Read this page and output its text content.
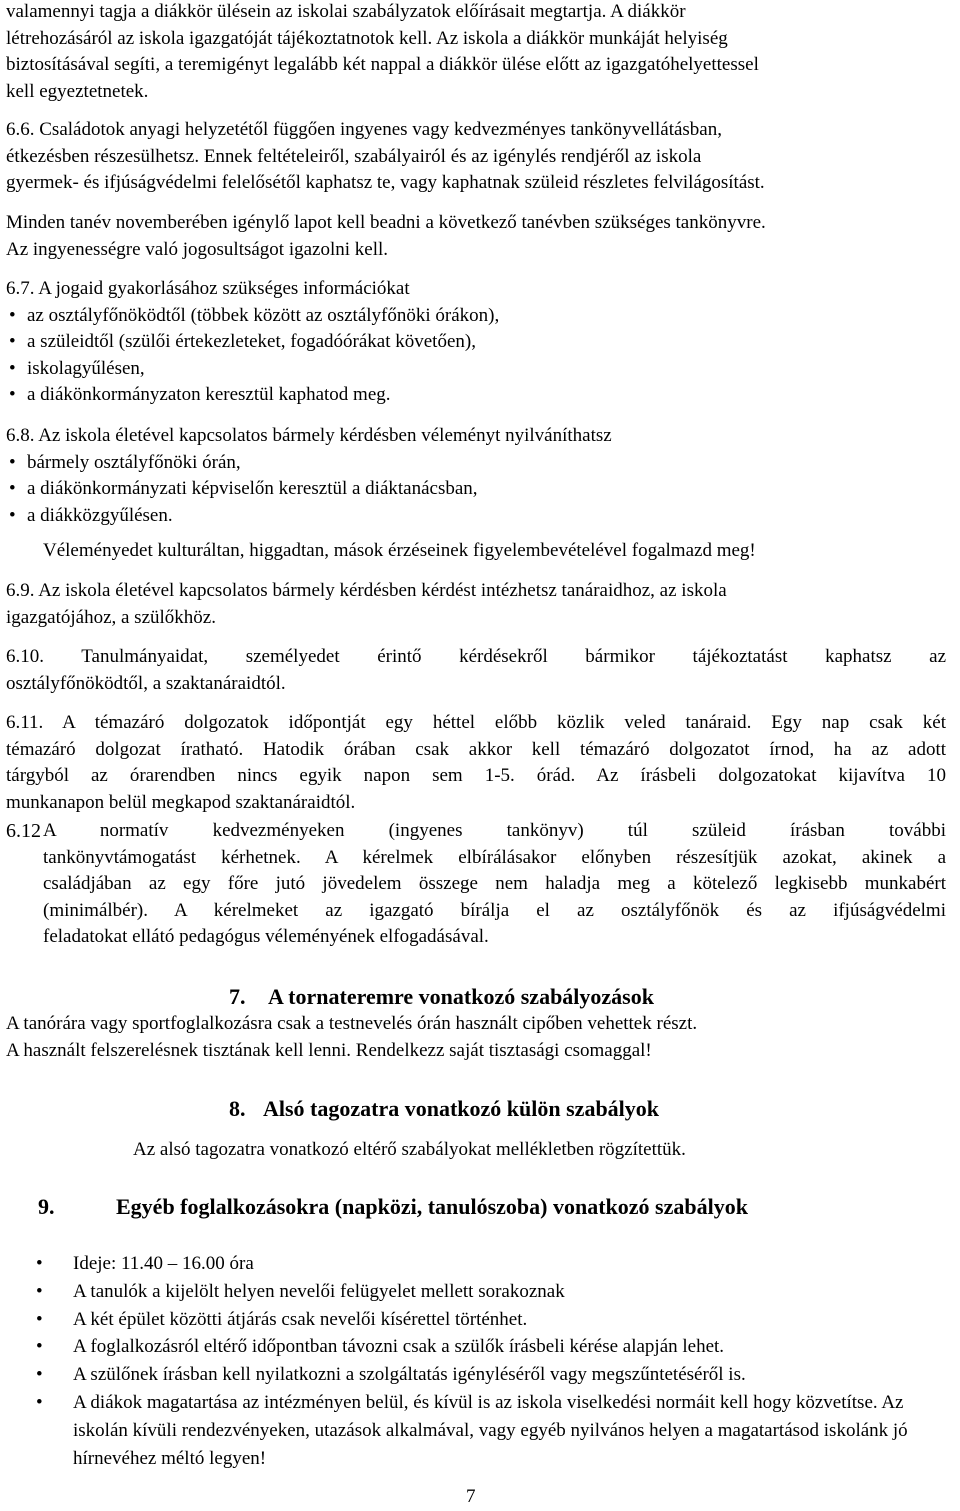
valamennyi tagja a diákkör ülésein az iskolai szabályzatok előírásait megtartja. A diákkör
létrehozásáról az iskola igazgatóját tájékoztatnotok kell. Az iskola a diákkör munkáját helyiség
biztosításával segíti, a teremigényt legalább két nappal a diákkör ülése előtt az igazgatóhelyettessel
kell egyeztetnetek.

6.6. Családotok anyagi helyzetétől függően ingyenes vagy kedvezményes tankönyvellátásban,
étkezésben részesülhetsz. Ennek feltételeiről, szabályairól és az igénylés rendjéről az iskola
gyermek- és ifjúságvédelmi felelősétől kaphatsz te, vagy kaphatnak szüleid részletes felvilágosítást.

Minden tanév novemberében igénylő lapot kell beadni a következő tanévben szükséges tankönyvre.
Az ingyenességre való jogosultságot igazolni kell.

6.7. A jogaid gyakorlásához szükséges információkat
• az osztályfőnöködtől (többek között az osztályfőnöki órákon),
• a szüleidtől (szülői értekezleteket, fogadóórákat követően),
• iskolagyűlésen,
• a diákönkormányzaton keresztül kaphatod meg.
6.8. Az iskola életével kapcsolatos bármely kérdésben véleményt nyilváníthatsz
• bármely osztályfőnöki órán,
• a diákönkormányzati képviselőn keresztül a diáktanácsban,
• a diákközgyűlésen.

Véleményedet kulturáltan, higgadtan, mások érzéseinek figyelembevételével fogalmazd meg!

6.9. Az iskola életével kapcsolatos bármely kérdésben kérdést intézhetsz tanáraidhoz, az iskola
igazgatójához, a szülőkhöz.

6.10. Tanulmányaidat, személyedet érintő kérdésekről bármikor tájékoztatást kaphatsz az
osztályfőnöködtől, a szaktanáraidtól.

6.11. A témazáró dolgozatok időpontját egy héttel előbb közlik veled tanáraid. Egy nap csak két
témazáró dolgozat íratható. Hatodik órában csak akkor kell témazáró dolgozatot írnod, ha az adott
tárgyból az órarendben nincs egyik napon sem 1-5. órád. Az írásbeli dolgozatokat kijavítva 10
munkanapon belül megkapod szaktanáraidtól.

6.12 A normatív kedvezményeken (ingyenes tankönyv) túl szüleid írásban további
tankönyvtámogatást kérhetnek. A kérelmek elbírálásakor előnyben részesítjük azokat, akinek a
családjában az egy főre jutó jövedelem összege nem haladja meg a kötelező legkisebb munkabért
(minimálbér). A kérelmeket az igazgató bírálja el az osztályfőnök és az ifjúságvédelmi
feladatokat ellátó pedagógus véleményének elfogadásával.
7. A tornateremre vonatkozó szabályozások

A tanórára vagy sportfoglalkozásra csak a testnevelés órán használt cipőben vehettek részt.
A használt felszerelésnek tisztának kell lenni. Rendelkezz saját tisztasági csomaggal!

8. Alsó tagozatra vonatkozó külön szabályok

Az alsó tagozatra vonatkozó eltérő szabályokat mellékletben rögzítettük.

9.	Egyéb foglalkozásokra (napközi, tanulószoba) vonatkozó szabályok
• Ideje: 11.40 – 16.00 óra
• A tanulók a kijelölt helyen nevelői felügyelet mellett sorakoznak
• A két épület közötti átjárás csak nevelői kísérettel történhet.
• A foglalkozásról eltérő időpontban távozni csak a szülők írásbeli kérése alapján lehet.
• A szülőnek írásban kell nyilatkozni a szolgáltatás igényléséről vagy megszűntetéséről is.
• A diákok magatartása az intézményen belül, és kívül is az iskola viselkedési normáit kell hogy közvetítse. Az iskolán kívüli rendezvényeken, utazások alkalmával, vagy egyéb nyilvános helyen a magatartásod iskolánk jó hírnevéhez méltó legyen!
7
